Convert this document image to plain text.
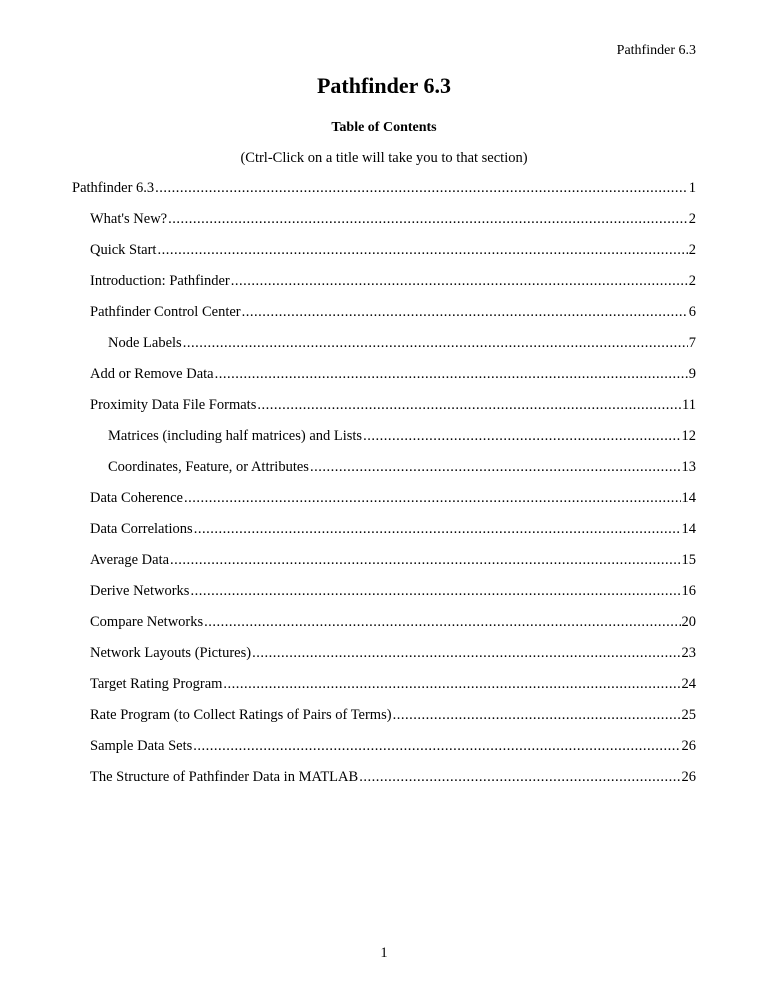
Pathfinder 6.3
Pathfinder 6.3
Table of Contents
(Ctrl-Click on a title will take you to that section)
Pathfinder 6.3 .....	1
What's New? .....	2
Quick Start .....	2
Introduction: Pathfinder .....	2
Pathfinder Control Center .....	6
Node Labels .....	7
Add or Remove Data .....	9
Proximity Data File Formats .....	11
Matrices (including half matrices) and Lists .....	12
Coordinates, Feature, or Attributes .....	13
Data Coherence .....	14
Data Correlations .....	14
Average Data .....	15
Derive Networks .....	16
Compare Networks .....	20
Network Layouts (Pictures) .....	23
Target Rating Program .....	24
Rate Program (to Collect Ratings of Pairs of Terms) .....	25
Sample Data Sets .....	26
The Structure of Pathfinder Data in MATLAB .....	26
1
